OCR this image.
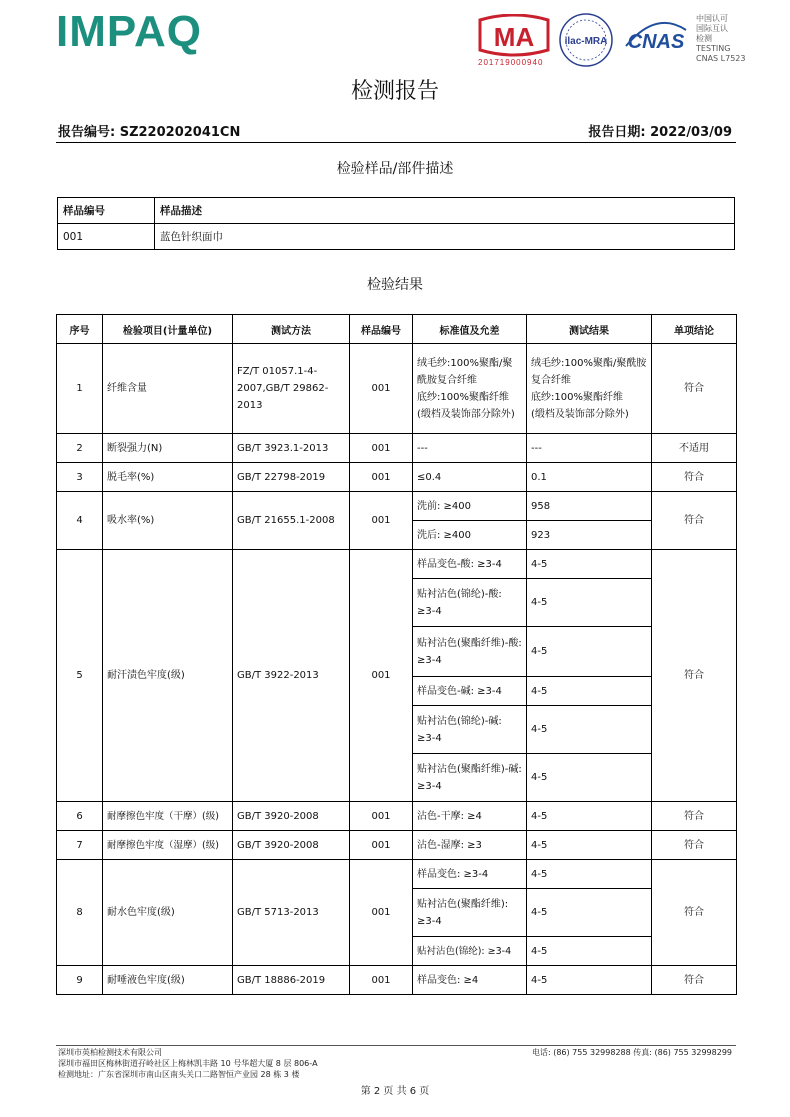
IMPAQ	MA
201719000940
ilac-MRA CNAS
中国认可
国际互认
检测
TESTING
CNAS L7523
检测报告
报告编号: SZ220202041CN	报告日期: 2022/03/09
检验样品/部件描述
样品编号	样品描述
001	蓝色针织面巾
检验结果
序号	检验项目(计量单位)	测试方法	样品编号	标准值及允差	测试结果	单项结论
1	纤维含量	FZ/T 01057.1-4-2007,GB/T 29862-2013	001	绒毛纱:100%聚酯/聚酰胺复合纤维
底纱:100%聚酯纤维
(缎档及装饰部分除外)	绒毛纱:100%聚酯/聚酰胺复合纤维
底纱:100%聚酯纤维
(缎档及装饰部分除外)	符合
2	断裂强力(N)	GB/T 3923.1-2013	001	---	---	不适用
3	脱毛率(%)	GB/T 22798-2019	001	≤0.4	0.1	符合
4	吸水率(%)	GB/T 21655.1-2008	001	洗前: ≥400	958	符合
				洗后: ≥400	923	
5	耐汗渍色牢度(级)	GB/T 3922-2013	001	样品变色-酸: ≥3-4	4-5	符合
				贴衬沾色(锦纶)-酸: ≥3-4	4-5	
				贴衬沾色(聚酯纤维)-酸: ≥3-4	4-5	
				样品变色-碱: ≥3-4	4-5	
				贴衬沾色(锦纶)-碱: ≥3-4	4-5	
				贴衬沾色(聚酯纤维)-碱: ≥3-4	4-5	
6	耐摩擦色牢度（干摩）(级)	GB/T 3920-2008	001	沾色-干摩: ≥4	4-5	符合
7	耐摩擦色牢度（湿摩）(级)	GB/T 3920-2008	001	沾色-湿摩: ≥3	4-5	符合
8	耐水色牢度(级)	GB/T 5713-2013	001	样品变色: ≥3-4	4-5	符合
				贴衬沾色(聚酯纤维): ≥3-4	4-5	
				贴衬沾色(锦纶): ≥3-4	4-5	
9	耐唾液色牢度(级)	GB/T 18886-2019	001	样品变色: ≥4	4-5	符合
深圳市英柏检测技术有限公司
深圳市福田区梅林街道孖岭社区上梅林凯丰路 10 号华超大厦 8 层 806-A
检测地址：广东省深圳市南山区南头关口二路智恒产业园 28 栋 3 楼
电话: (86) 755 32998288 传真: (86) 755 32998299
第 2 页 共 6 页
